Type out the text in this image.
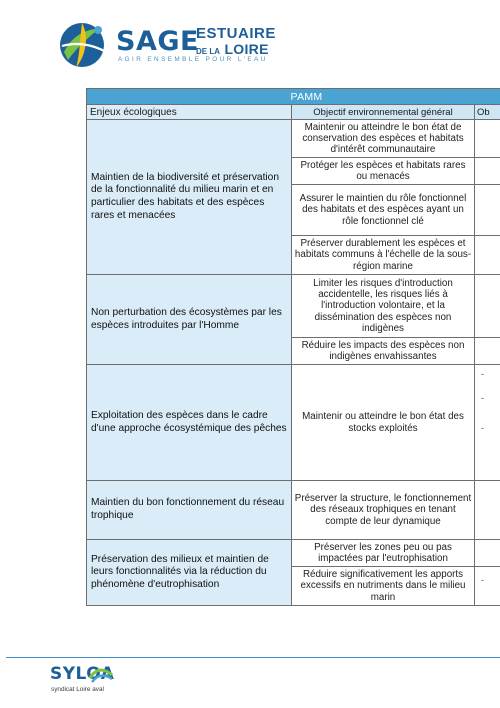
SAGE
ESTUAIRE
DE LA LOIRE
AGIR ENSEMBLE POUR L'EAU
PAMM		
Enjeux écologiques	Objectif environnemental général	Ob
Maintien de la biodiversité et préservation de la fonctionnalité du milieu marin et en particulier des habitats et des espèces rares et menacées	Maintenir ou atteindre le bon état de conservation des espèces et habitats d'intérêt communautaire	
	Protéger les espèces et habitats rares ou menacés	
	Assurer le maintien du rôle fonctionnel des habitats et des espèces ayant un rôle fonctionnel clé	
	Préserver durablement les espèces et habitats communs à l'échelle de la sous-région marine	
Non perturbation des écosystèmes par les espèces introduites par l'Homme	Limiter les risques d'introduction accidentelle, les risques liés à l'introduction volontaire, et la dissémination des espèces non indigènes	
	Réduire les impacts des espèces non indigènes envahissantes	
Exploitation des espèces dans le cadre d'une approche écosystémique des pêches	Maintenir ou atteindre le bon état des stocks exploités	-
-
-

Maintien du bon fonctionnement du réseau trophique	Préserver la structure, le fonctionnement des réseaux trophiques en tenant compte de leur dynamique	
Préservation des milieux et maintien de leurs fonctionnalités via la réduction du phénomène d'eutrophisation	Préserver les zones peu ou pas impactées par l'eutrophisation	
	Réduire significativement les apports excessifs en nutriments dans le milieu marin	-
SYLOA
syndicat Loire aval
